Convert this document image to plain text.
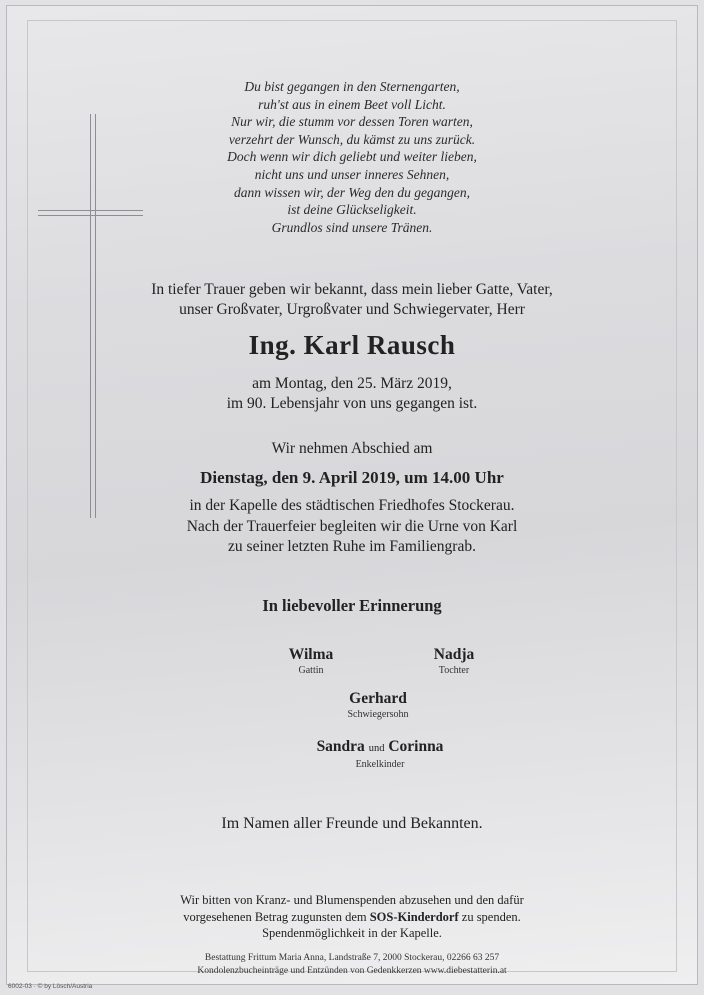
Du bist gegangen in den Sternengarten,
ruh'st aus in einem Beet voll Licht.
Nur wir, die stumm vor dessen Toren warten,
verzehrt der Wunsch, du kämst zu uns zurück.
Doch wenn wir dich geliebt und weiter lieben,
nicht uns und unser inneres Sehnen,
dann wissen wir, der Weg den du gegangen,
ist deine Glückseligkeit.
Grundlos sind unsere Tränen.
In tiefer Trauer geben wir bekannt, dass mein lieber Gatte, Vater,
unser Großvater, Urgroßvater und Schwiegervater, Herr
Ing. Karl Rausch
am Montag, den 25. März 2019,
im 90. Lebensjahr von uns gegangen ist.
Wir nehmen Abschied am
Dienstag, den 9. April 2019, um 14.00 Uhr
in der Kapelle des städtischen Friedhofes Stockerau.
Nach der Trauerfeier begleiten wir die Urne von Karl
zu seiner letzten Ruhe im Familiengrab.
In liebevoller Erinnerung
Wilma
Gattin
Nadja
Tochter
Gerhard
Schwiegersohn
Sandra und Corinna
Enkelkinder
Im Namen aller Freunde und Bekannten.
Wir bitten von Kranz- und Blumenspenden abzusehen und den dafür
vorgesehenen Betrag zugunsten dem SOS-Kinderdorf zu spenden.
Spendenmöglichkeit in der Kapelle.
Bestattung Frittum Maria Anna, Landstraße 7, 2000 Stockerau, 02266 63 257
Kondolenzbucheinträge und Entzünden von Gedenkkerzen www.diebestatterin.at
6002-03 · © by Lösch/Austria
